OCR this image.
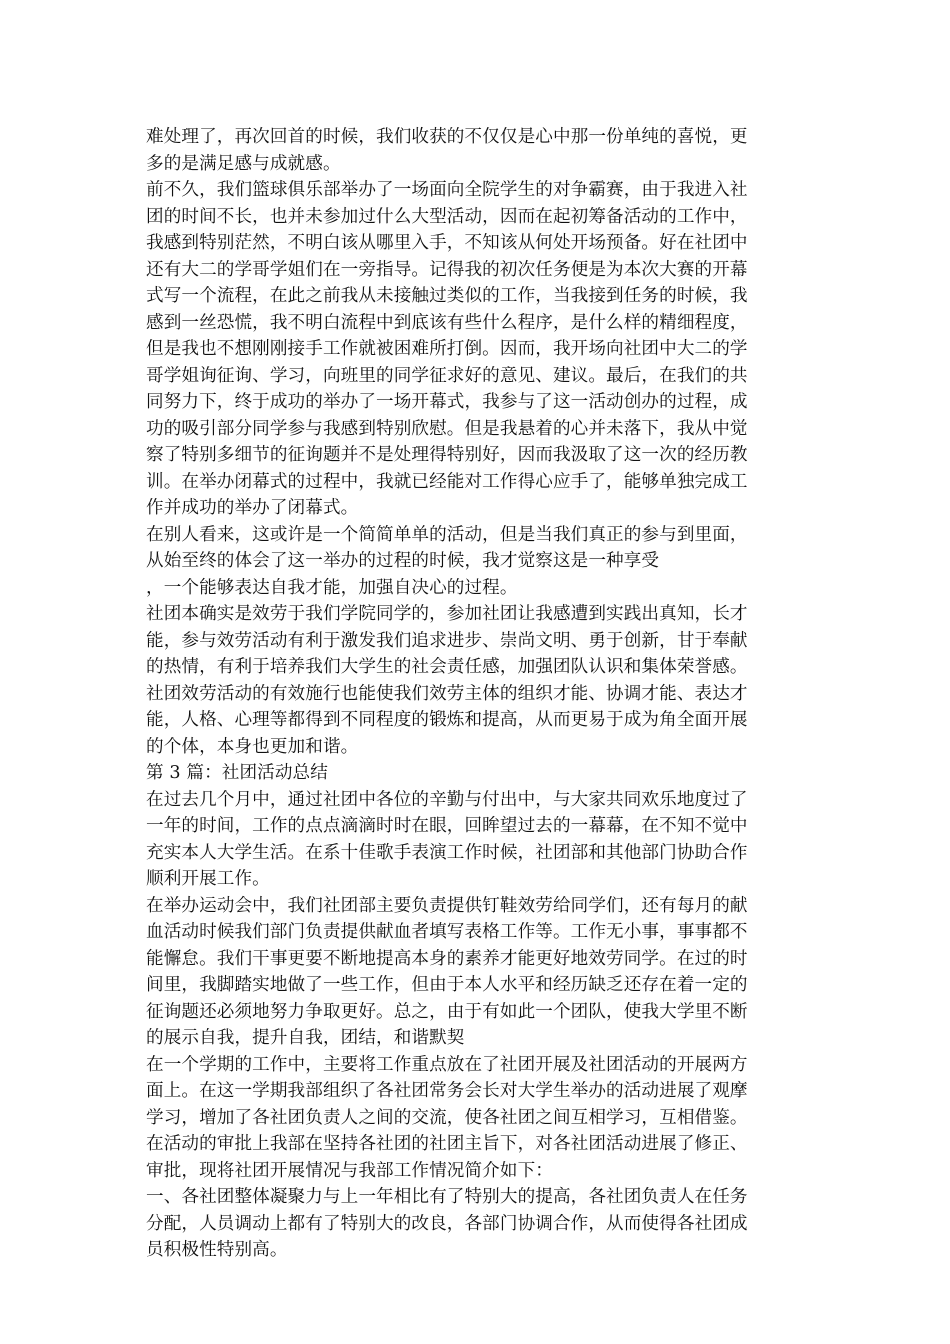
难处理了，再次回首的时候，我们收获的不仅仅是心中那一份单纯的喜悦，更
多的是满足感与成就感。
前不久，我们篮球俱乐部举办了一场面向全院学生的对争霸赛，由于我进入社
团的时间不长，也并未参加过什么大型活动，因而在起初筹备活动的工作中，
我感到特别茫然，不明白该从哪里入手，不知该从何处开场预备。好在社团中
还有大二的学哥学姐们在一旁指导。记得我的初次任务便是为本次大赛的开幕
式写一个流程，在此之前我从未接触过类似的工作，当我接到任务的时候，我
感到一丝恐慌，我不明白流程中到底该有些什么程序，是什么样的精细程度，
但是我也不想刚刚接手工作就被困难所打倒。因而，我开场向社团中大二的学
哥学姐询征询、学习，向班里的同学征求好的意见、建议。最后，在我们的共
同努力下，终于成功的举办了一场开幕式，我参与了这一活动创办的过程，成
功的吸引部分同学参与我感到特别欣慰。但是我悬着的心并未落下，我从中觉
察了特别多细节的征询题并不是处理得特别好，因而我汲取了这一次的经历教
训。在举办闭幕式的过程中，我就已经能对工作得心应手了，能够单独完成工
作并成功的举办了闭幕式。
在别人看来，这或许是一个简简单单的活动，但是当我们真正的参与到里面，
从始至终的体会了这一举办的过程的时候，我才觉察这是一种享受
，一个能够表达自我才能，加强自决心的过程。
社团本确实是效劳于我们学院同学的，参加社团让我感遭到实践出真知，长才
能，参与效劳活动有利于激发我们追求进步、崇尚文明、勇于创新，甘于奉献
的热情，有利于培养我们大学生的社会责任感，加强团队认识和集体荣誉感。
社团效劳活动的有效施行也能使我们效劳主体的组织才能、协调才能、表达才
能，人格、心理等都得到不同程度的锻炼和提高，从而更易于成为角全面开展
的个体，本身也更加和谐。
第 3 篇：社团活动总结
在过去几个月中，通过社团中各位的辛勤与付出中，与大家共同欢乐地度过了
一年的时间，工作的点点滴滴时时在眼，回眸望过去的一幕幕，在不知不觉中
充实本人大学生活。在系十佳歌手表演工作时候，社团部和其他部门协助合作
顺利开展工作。
在举办运动会中，我们社团部主要负责提供钉鞋效劳给同学们，还有每月的献
血活动时候我们部门负责提供献血者填写表格工作等。工作无小事，事事都不
能懈怠。我们干事更要不断地提高本身的素养才能更好地效劳同学。在过的时
间里，我脚踏实地做了一些工作，但由于本人水平和经历缺乏还存在着一定的
征询题还必须地努力争取更好。总之，由于有如此一个团队，使我大学里不断
的展示自我，提升自我，团结，和谐默契
在一个学期的工作中，主要将工作重点放在了社团开展及社团活动的开展两方
面上。在这一学期我部组织了各社团常务会长对大学生举办的活动进展了观摩
学习，增加了各社团负责人之间的交流，使各社团之间互相学习，互相借鉴。
在活动的审批上我部在坚持各社团的社团主旨下，对各社团活动进展了修正、
审批，现将社团开展情况与我部工作情况简介如下：
一、各社团整体凝聚力与上一年相比有了特别大的提高，各社团负责人在任务
分配，人员调动上都有了特别大的改良，各部门协调合作，从而使得各社团成
员积极性特别高。
